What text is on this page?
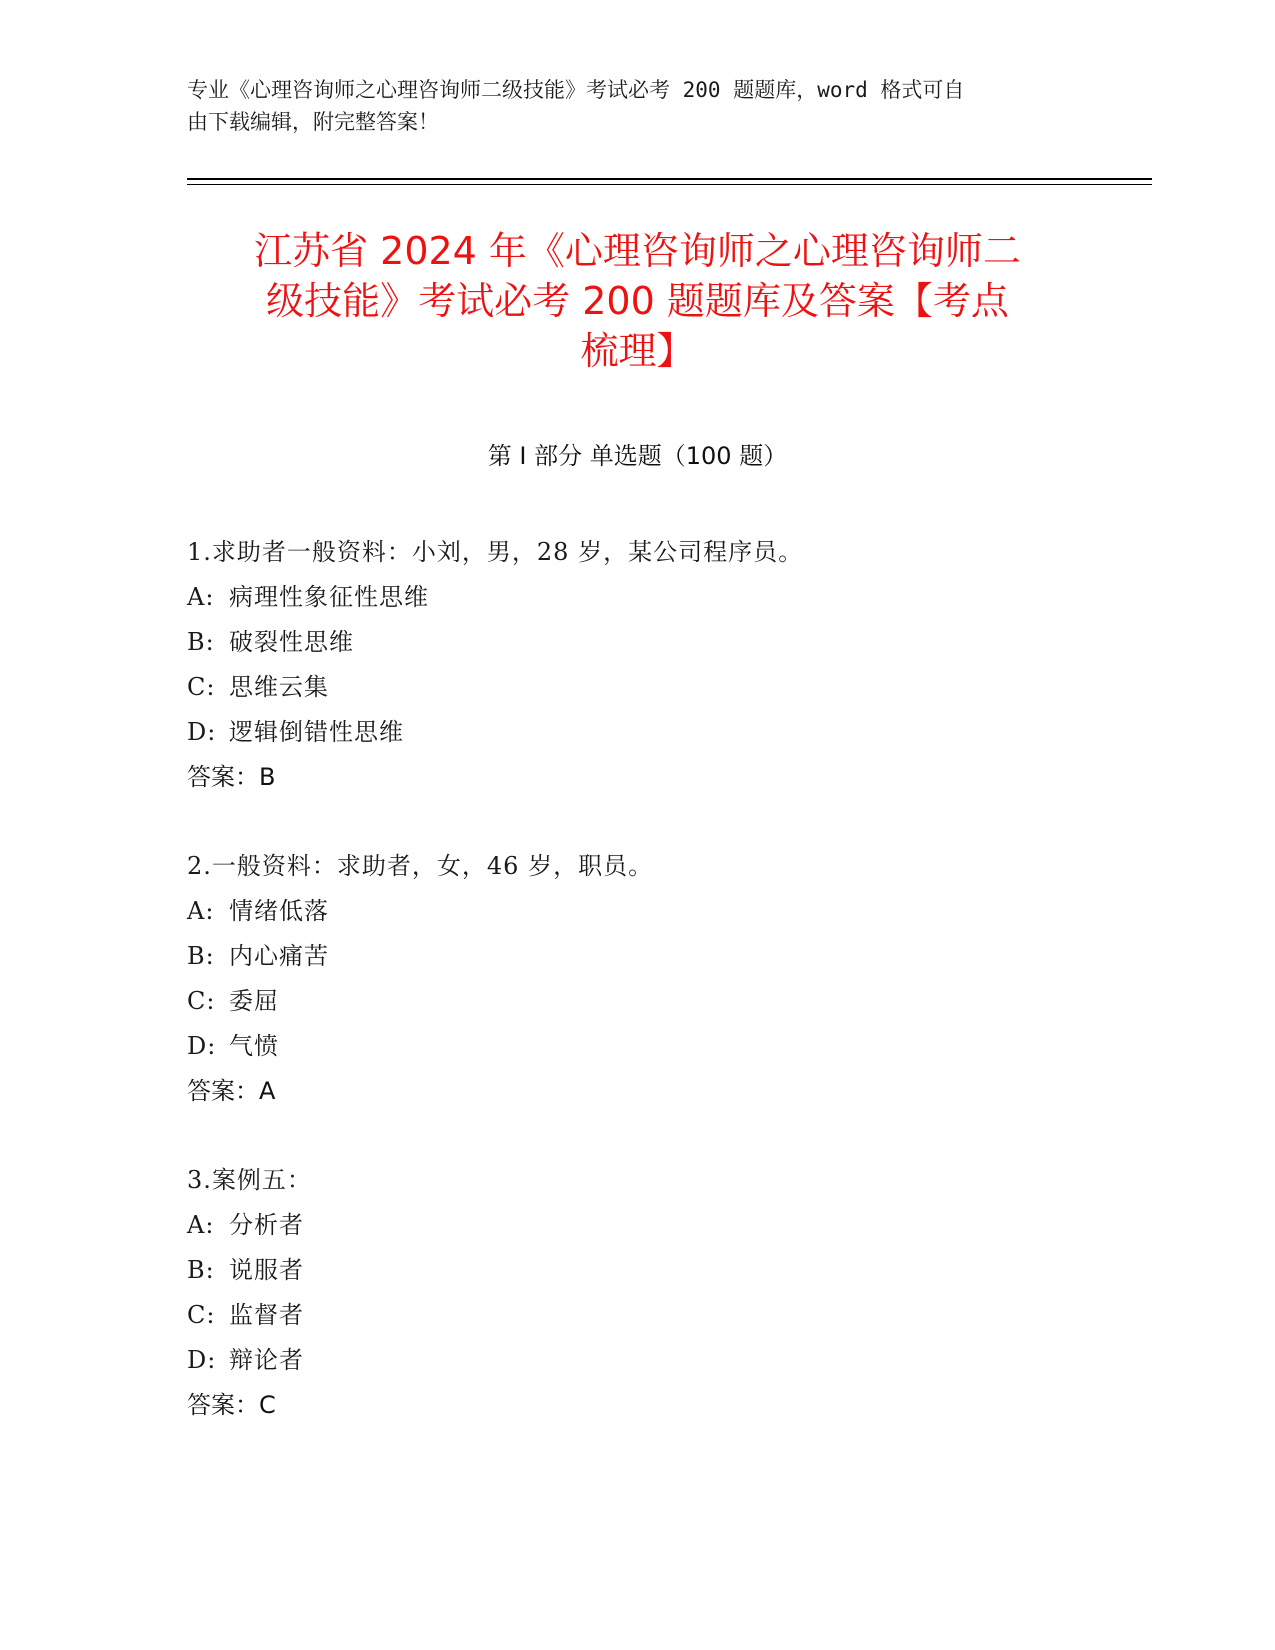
专业《心理咨询师之心理咨询师二级技能》考试必考 200 题题库，word 格式可自
由下载编辑，附完整答案！
江苏省 2024 年《心理咨询师之心理咨询师二
级技能》考试必考 200 题题库及答案【考点
梳理】
第 I 部分 单选题（100 题）
1.求助者一般资料：小刘，男，28 岁，某公司程序员。
A: 病理性象征性思维
B: 破裂性思维
C: 思维云集
D: 逻辑倒错性思维
答案：B
2.一般资料：求助者，女，46 岁，职员。
A: 情绪低落
B: 内心痛苦
C: 委屈
D: 气愤
答案：A
3.案例五：
A: 分析者
B: 说服者
C: 监督者
D: 辩论者
答案：C
